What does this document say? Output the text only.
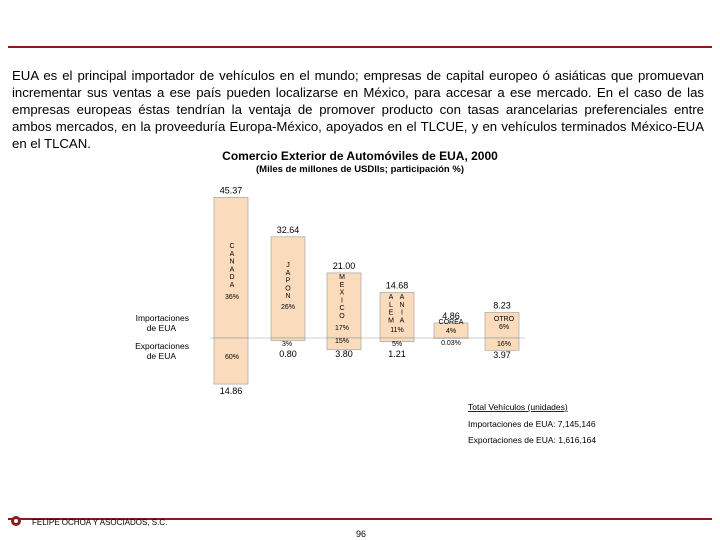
EUA es el principal importador de vehículos en el mundo; empresas de capital europeo ó asiáticas que promuevan incrementar sus ventas a ese país pueden localizarse en México, para accesar a ese mercado. En el caso de las empresas europeas éstas tendrían la ventaja de promover producto con tasas arancelarias preferenciales entre ambos mercados, en la proveeduría Europa-México, apoyados en el TLCUE, y en vehículos terminados México-EUA en el TLCAN.

Comercio Exterior de Automóviles de EUA, 2000
(Miles de millones de USDlls; participación %)
45.37
32.64
21.00
14.68
4.86
8.23
14.86
0.80	3.80	1.21	3.97
60%
3%	15%	5%	0.03%	16%
C
A
N
A
D
A
36%
J
A
P
O
N
26%
M
E
X
I
C
O
17%
A A
L N
E I
M A
11%
COREA
4%
OTRO
6%
Importaciones
de EUA
Exportaciones
de EUA
Total Vehículos (unidades)
Importaciones de EUA: 7,145,146
Exportaciones de EUA: 1,616,164
FELIPE OCHOA Y ASOCIADOS, S.C.
96
